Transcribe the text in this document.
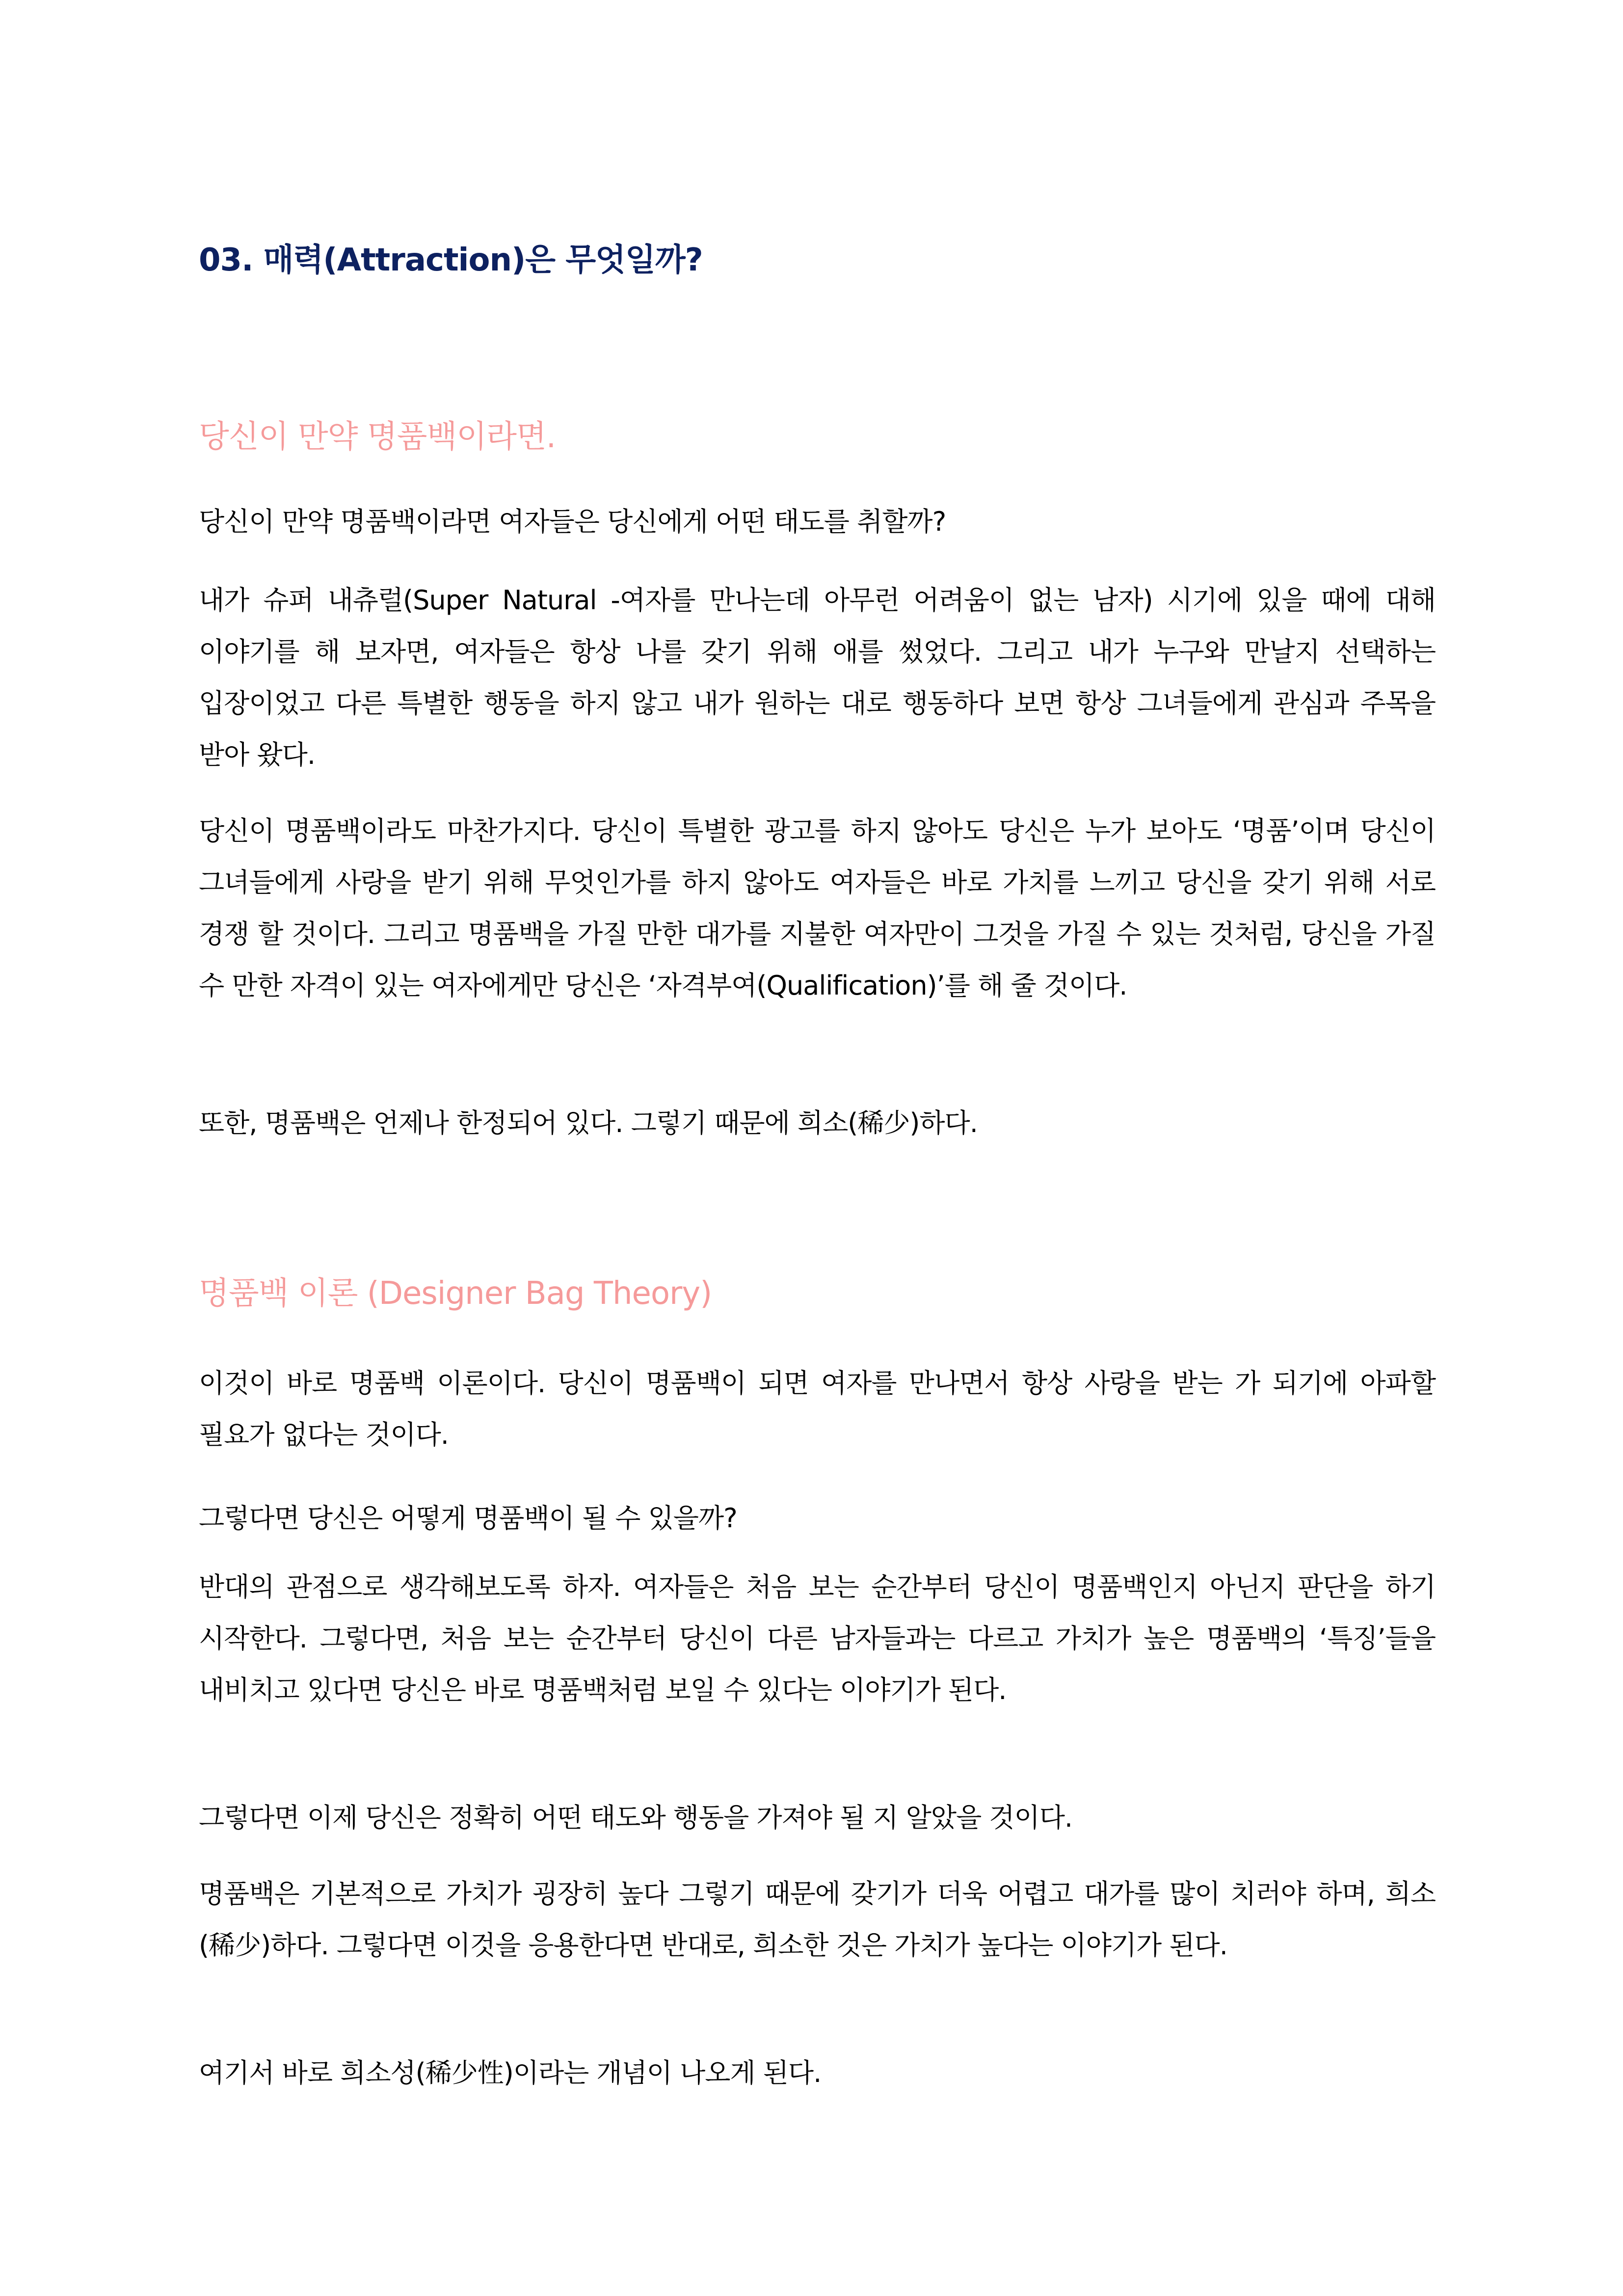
03. 매력(Attraction)은 무엇일까?
당신이 만약 명품백이라면.

당신이 만약 명품백이라면 여자들은 당신에게 어떤 태도를 취할까?

내가 슈퍼 내츄럴(Super Natural -여자를 만나는데 아무런 어려움이 없는 남자) 시기에 있을 때에 대해 이야기를 해 보자면, 여자들은 항상 나를 갖기 위해 애를 썼었다. 그리고 내가 누구와 만날지 선택하는 입장이었고 다른 특별한 행동을 하지 않고 내가 원하는 대로 행동하다 보면 항상 그녀들에게 관심과 주목을 받아 왔다.

당신이 명품백이라도 마찬가지다. 당신이 특별한 광고를 하지 않아도 당신은 누가 보아도 ‘명품’이며 당신이 그녀들에게 사랑을 받기 위해 무엇인가를 하지 않아도 여자들은 바로 가치를 느끼고 당신을 갖기 위해 서로 경쟁 할 것이다. 그리고 명품백을 가질 만한 대가를 지불한 여자만이 그것을 가질 수 있는 것처럼, 당신을 가질 수 만한 자격이 있는 여자에게만 당신은 ‘자격부여(Qualification)’를 해 줄 것이다.

또한, 명품백은 언제나 한정되어 있다. 그렇기 때문에 희소(稀少)하다.

명품백 이론 (Designer Bag Theory)

이것이 바로 명품백 이론이다. 당신이 명품백이 되면 여자를 만나면서 항상 사랑을 받는 가 되기에 아파할 필요가 없다는 것이다.

그렇다면 당신은 어떻게 명품백이 될 수 있을까?

반대의 관점으로 생각해보도록 하자. 여자들은 처음 보는 순간부터 당신이 명품백인지 아닌지 판단을 하기 시작한다. 그렇다면, 처음 보는 순간부터 당신이 다른 남자들과는 다르고 가치가 높은 명품백의 ‘특징’들을 내비치고 있다면 당신은 바로 명품백처럼 보일 수 있다는 이야기가 된다.

그렇다면 이제 당신은 정확히 어떤 태도와 행동을 가져야 될 지 알았을 것이다.

명품백은 기본적으로 가치가 굉장히 높다 그렇기 때문에 갖기가 더욱 어렵고 대가를 많이 치러야 하며, 희소(稀少)하다. 그렇다면 이것을 응용한다면 반대로, 희소한 것은 가치가 높다는 이야기가 된다.

여기서 바로 희소성(稀少性)이라는 개념이 나오게 된다.
